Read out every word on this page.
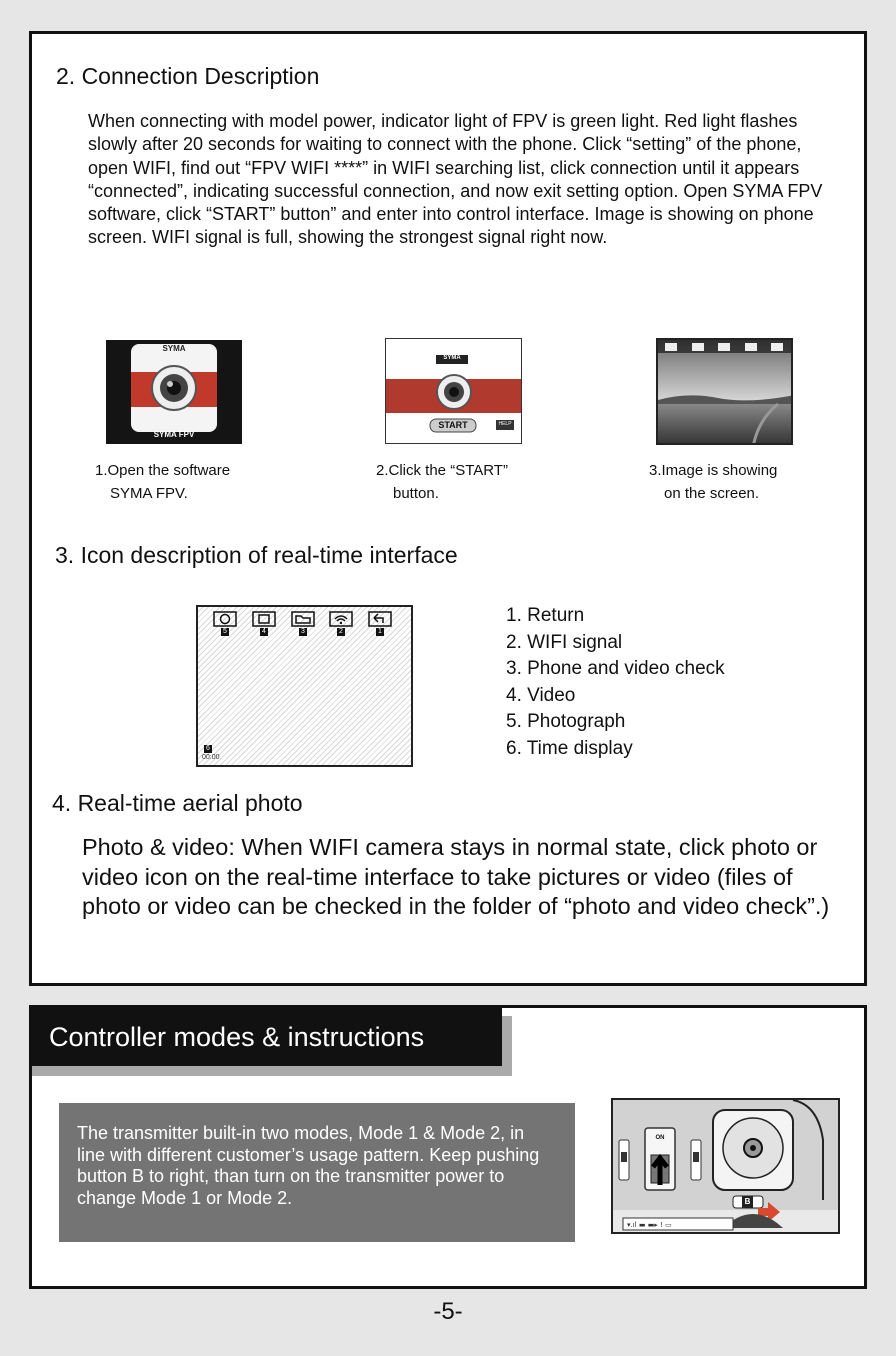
2. Connection Description
When connecting with model power, indicator light of FPV is green light. Red light flashes slowly after 20 seconds for waiting to connect with the phone. Click “setting” of the phone, open WIFI, find out “FPV WIFI ****” in WIFI searching list, click connection until it appears “connected”, indicating successful connection, and now exit setting option. Open SYMA FPV software, click “START” button” and enter into control interface. Image is showing on phone screen. WIFI signal is full, showing the strongest signal right now.
SYMA
SYMA FPV
SYMA
START	HELP
1.Open the software
SYMA FPV.
2.Click the “START”
button.
3.Image is showing
on the screen.
3. Icon description of real-time interface
5	4	3	2	1
6
00:00
1. Return
2. WIFI signal
3. Phone and video check
4. Video
5. Photograph
6. Time display
4. Real-time aerial photo
Photo & video: When WIFI camera stays in normal state, click photo or video icon on the real-time interface to take pictures or video (files of photo or video can be checked in the folder of “photo and video check”.)
Controller modes & instructions
The transmitter built-in two modes, Mode 1 & Mode 2, in line with different customer’s usage pattern. Keep pushing button B to right, than turn on the transmitter power to change Mode 1 or Mode 2.
▾.ıl ▬ ▬▸ ! ▭
ON
B
-5-
